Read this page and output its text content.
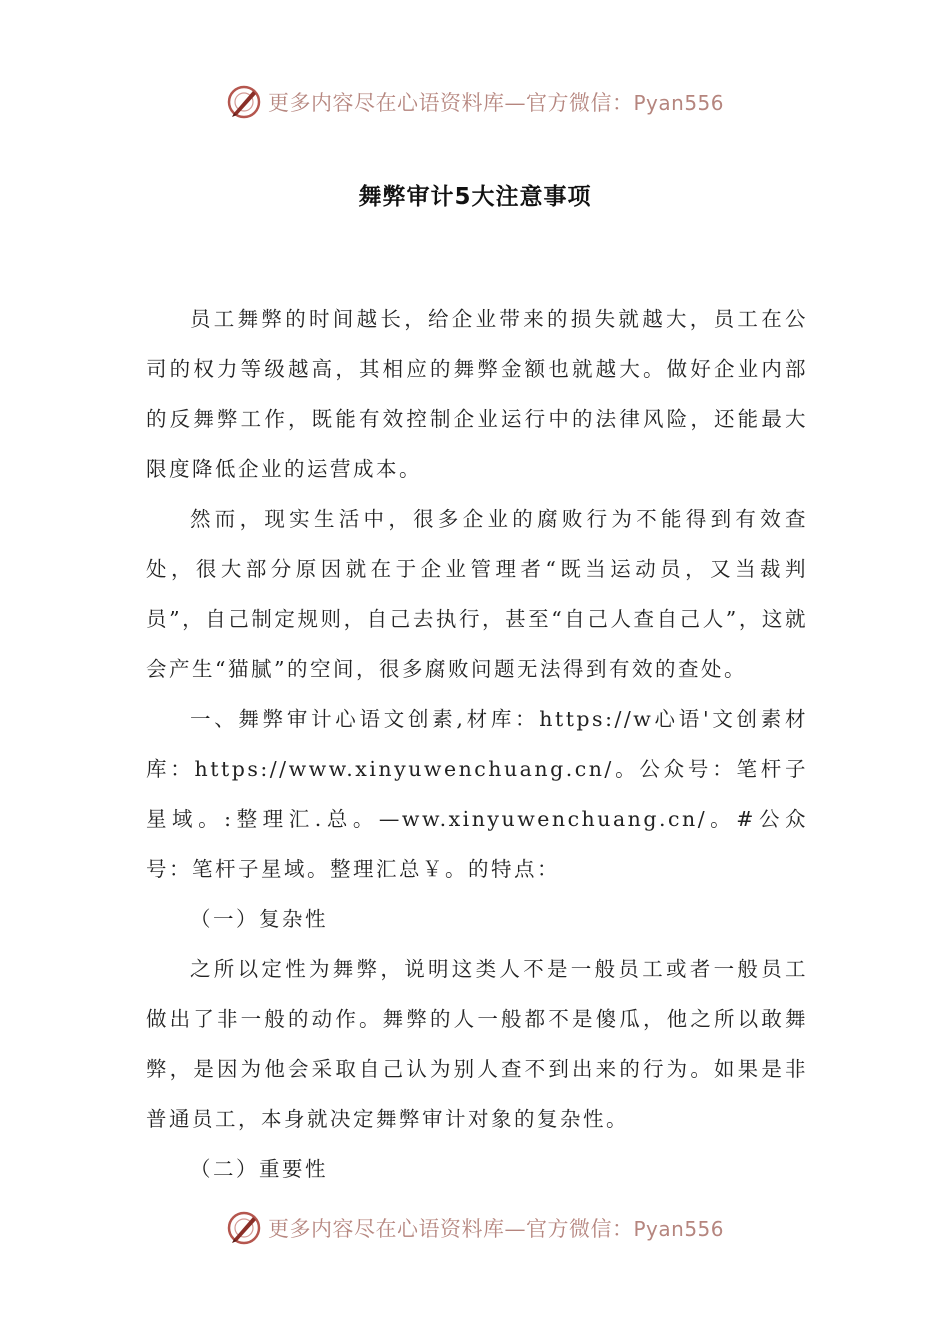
更多内容尽在心语资料库—官方微信：Pyan556
舞弊审计5大注意事项

员工舞弊的时间越长，给企业带来的损失就越大，员工在公司的权力等级越高，其相应的舞弊金额也就越大。做好企业内部的反舞弊工作，既能有效控制企业运行中的法律风险，还能最大限度降低企业的运营成本。

然而，现实生活中，很多企业的腐败行为不能得到有效查处，很大部分原因就在于企业管理者“既当运动员，又当裁判员”，自己制定规则，自己去执行，甚至“自己人查自己人”，这就会产生“猫腻”的空间，很多腐败问题无法得到有效的查处。

一、舞弊审计心语文创素,材库：https://w心语'文创素材库：https://www.xinyuwenchuang.cn/。公众号：笔杆子星域。:整理汇.总。—ww.xinyuwenchuang.cn/。#公众号：笔杆子星域。整理汇总￥。的特点：

（一）复杂性

之所以定性为舞弊，说明这类人不是一般员工或者一般员工做出了非一般的动作。舞弊的人一般都不是傻瓜，他之所以敢舞弊，是因为他会采取自己认为别人查不到出来的行为。如果是非普通员工，本身就决定舞弊审计对象的复杂性。

（二）重要性

更多内容尽在心语资料库—官方微信：Pyan556
